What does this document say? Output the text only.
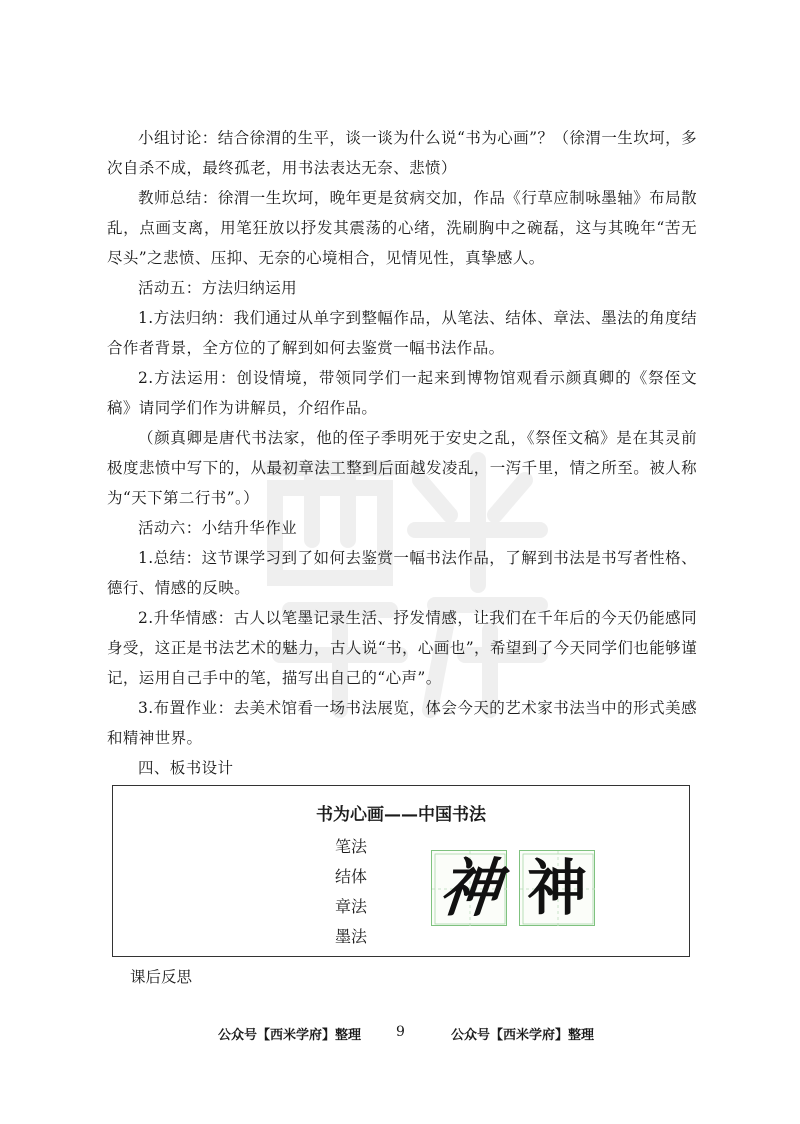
小组讨论：结合徐渭的生平，谈一谈为什么说“书为心画”？（徐渭一生坎坷，多次自杀不成，最终孤老，用书法表达无奈、悲愤）

教师总结：徐渭一生坎坷，晚年更是贫病交加，作品《行草应制咏墨轴》布局散乱，点画支离，用笔狂放以抒发其震荡的心绪，洗刷胸中之碗磊，这与其晚年“苦无尽头”之悲愤、压抑、无奈的心境相合，见情见性，真挚感人。

活动五：方法归纳运用

1.方法归纳：我们通过从单字到整幅作品，从笔法、结体、章法、墨法的角度结合作者背景，全方位的了解到如何去鉴赏一幅书法作品。

2.方法运用：创设情境，带领同学们一起来到博物馆观看示颜真卿的《祭侄文稿》请同学们作为讲解员，介绍作品。

（颜真卿是唐代书法家，他的侄子季明死于安史之乱，《祭侄文稿》是在其灵前极度悲愤中写下的，从最初章法工整到后面越发凌乱，一泻千里，情之所至。被人称为“天下第二行书”。）

活动六：小结升华作业

1.总结：这节课学习到了如何去鉴赏一幅书法作品，了解到书法是书写者性格、德行、情感的反映。

2.升华情感：古人以笔墨记录生活、抒发情感，让我们在千年后的今天仍能感同身受，这正是书法艺术的魅力，古人说“书，心画也”，希望到了今天同学们也能够谨记，运用自己手中的笔，描写出自己的“心声”。

3.布置作业：去美术馆看一场书法展览，体会今天的艺术家书法当中的形式美感和精神世界。

四、板书设计

书为心画——中国书法
笔法
结体
章法
墨法
神 神
课后反思
公众号【西米学府】整理 9	公众号【西米学府】整理
